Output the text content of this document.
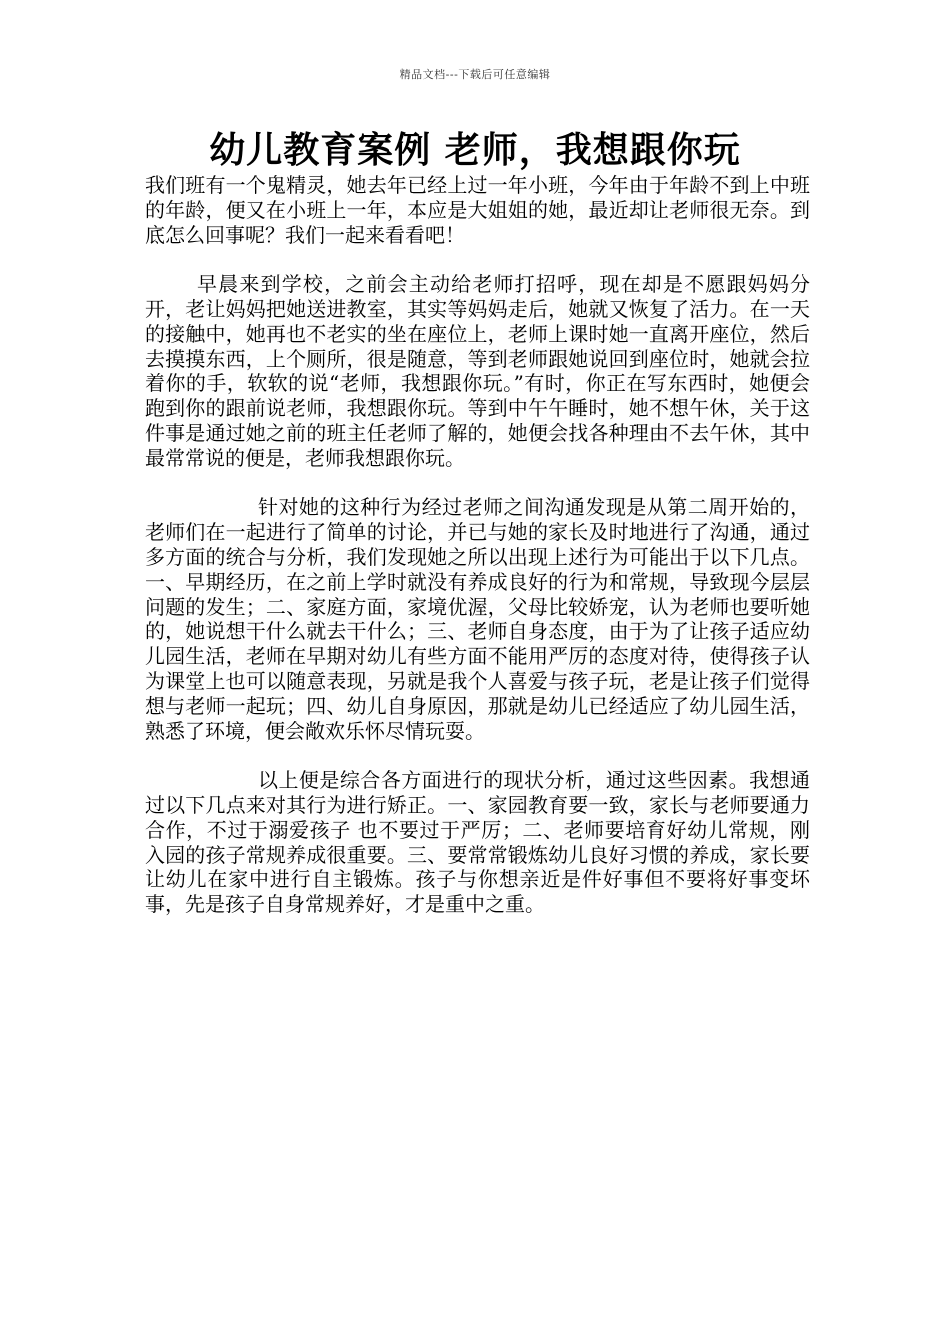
精品文档---下载后可任意编辑
幼儿教育案例 老师，我想跟你玩

我们班有一个鬼精灵，她去年已经上过一年小班，今年由于年龄不到上中班的年龄，便又在小班上一年，本应是大姐姐的她，最近却让老师很无奈。到底怎么回事呢？我们一起来看看吧！

早晨来到学校，之前会主动给老师打招呼，现在却是不愿跟妈妈分开，老让妈妈把她送进教室，其实等妈妈走后，她就又恢复了活力。在一天的接触中，她再也不老实的坐在座位上，老师上课时她一直离开座位，然后去摸摸东西，上个厕所，很是随意，等到老师跟她说回到座位时，她就会拉着你的手，软软的说“老师，我想跟你玩。”有时，你正在写东西时，她便会跑到你的跟前说老师，我想跟你玩。等到中午午睡时，她不想午休，关于这件事是通过她之前的班主任老师了解的，她便会找各种理由不去午休，其中最常常说的便是，老师我想跟你玩。

针对她的这种行为经过老师之间沟通发现是从第二周开始的，老师们在一起进行了简单的讨论，并已与她的家长及时地进行了沟通，通过多方面的统合与分析，我们发现她之所以出现上述行为可能出于以下几点。一、早期经历，在之前上学时就没有养成良好的行为和常规，导致现今层层问题的发生；二、家庭方面，家境优渥，父母比较娇宠，认为老师也要听她的，她说想干什么就去干什么；三、老师自身态度，由于为了让孩子适应幼儿园生活，老师在早期对幼儿有些方面不能用严厉的态度对待，使得孩子认为课堂上也可以随意表现，另就是我个人喜爱与孩子玩，老是让孩子们觉得想与老师一起玩；四、幼儿自身原因，那就是幼儿已经适应了幼儿园生活，熟悉了环境，便会敞欢乐怀尽情玩耍。

以上便是综合各方面进行的现状分析，通过这些因素。我想通过以下几点来对其行为进行矫正。一、家园教育要一致，家长与老师要通力合作，不过于溺爱孩子 也不要过于严厉；二、老师要培育好幼儿常规，刚入园的孩子常规养成很重要。三、要常常锻炼幼儿良好习惯的养成，家长要让幼儿在家中进行自主锻炼。孩子与你想亲近是件好事但不要将好事变坏事，先是孩子自身常规养好，才是重中之重。
